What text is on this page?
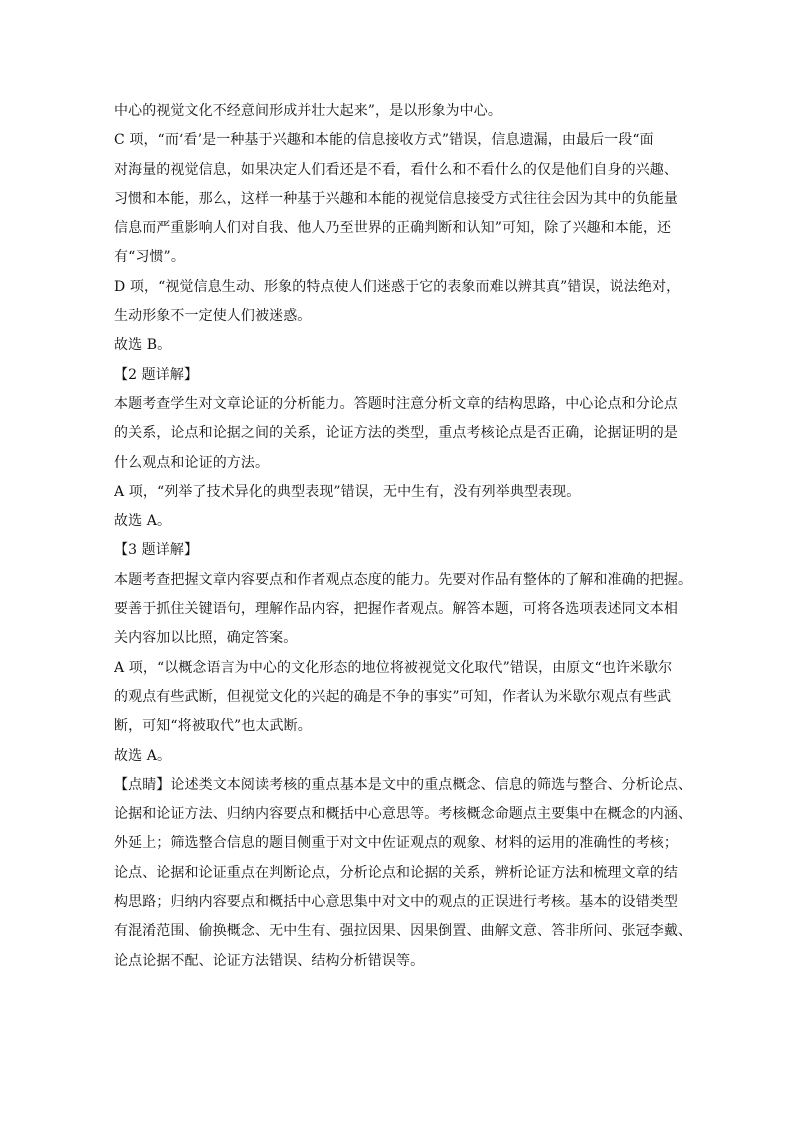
中心的视觉文化不经意间形成并壮大起来”，是以形象为中心。
C 项，“而‘看’是一种基于兴趣和本能的信息接收方式”错误，信息遗漏，由最后一段“面
对海量的视觉信息，如果决定人们看还是不看，看什么和不看什么的仅是他们自身的兴趣、
习惯和本能，那么，这样一种基于兴趣和本能的视觉信息接受方式往往会因为其中的负能量
信息而严重影响人们对自我、他人乃至世界的正确判断和认知”可知，除了兴趣和本能，还
有“习惯”。
D 项，“视觉信息生动、形象的特点使人们迷惑于它的表象而难以辨其真”错误，说法绝对，
生动形象不一定使人们被迷惑。
故选 B。
【2 题详解】
本题考查学生对文章论证的分析能力。答题时注意分析文章的结构思路，中心论点和分论点
的关系，论点和论据之间的关系，论证方法的类型，重点考核论点是否正确，论据证明的是
什么观点和论证的方法。
A 项，“列举了技术异化的典型表现”错误，无中生有，没有列举典型表现。
故选 A。
【3 题详解】
本题考查把握文章内容要点和作者观点态度的能力。先要对作品有整体的了解和准确的把握。
要善于抓住关键语句，理解作品内容，把握作者观点。解答本题，可将各选项表述同文本相
关内容加以比照，确定答案。
A 项，“以概念语言为中心的文化形态的地位将被视觉文化取代”错误，由原文“也许米歇尔
的观点有些武断，但视觉文化的兴起的确是不争的事实”可知，作者认为米歇尔观点有些武
断，可知“将被取代”也太武断。
故选 A。
【点睛】论述类文本阅读考核的重点基本是文中的重点概念、信息的筛选与整合、分析论点、
论据和论证方法、归纳内容要点和概括中心意思等。考核概念命题点主要集中在概念的内涵、
外延上；筛选整合信息的题目侧重于对文中佐证观点的观象、材料的运用的准确性的考核；
论点、论据和论证重点在判断论点，分析论点和论据的关系，辨析论证方法和梳理文章的结
构思路；归纳内容要点和概括中心意思集中对文中的观点的正误进行考核。基本的设错类型
有混淆范围、偷换概念、无中生有、强拉因果、因果倒置、曲解文意、答非所问、张冠李戴、
论点论据不配、论证方法错误、结构分析错误等。
